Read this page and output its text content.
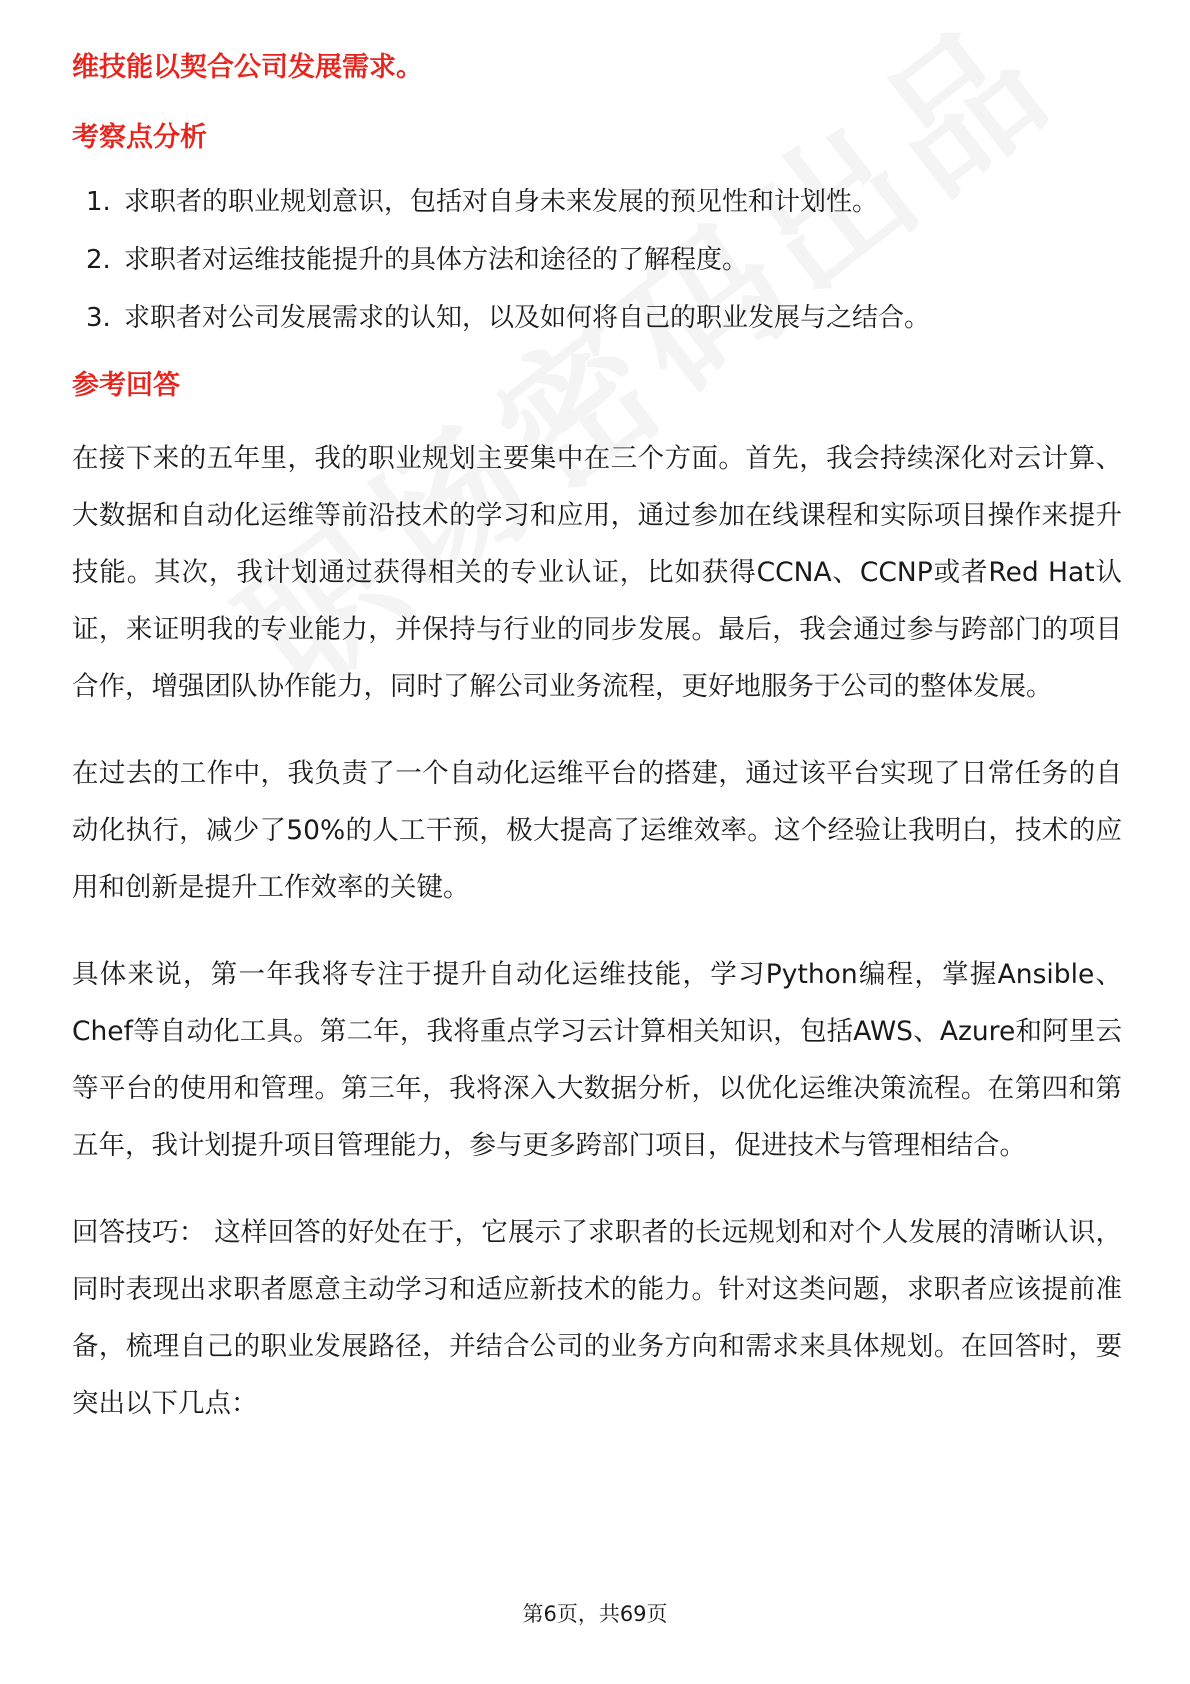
维技能以契合公司发展需求。

考察点分析
1. 求职者的职业规划意识，包括对自身未来发展的预见性和计划性。
2. 求职者对运维技能提升的具体方法和途径的了解程度。
3. 求职者对公司发展需求的认知，以及如何将自己的职业发展与之结合。
参考回答

在接下来的五年里，我的职业规划主要集中在三个方面。首先，我会持续深化对云计算、大数据和自动化运维等前沿技术的学习和应用，通过参加在线课程和实际项目操作来提升技能。其次，我计划通过获得相关的专业认证，比如获得CCNA、CCNP或者Red Hat认证，来证明我的专业能力，并保持与行业的同步发展。最后，我会通过参与跨部门的项目合作，增强团队协作能力，同时了解公司业务流程，更好地服务于公司的整体发展。

在过去的工作中，我负责了一个自动化运维平台的搭建，通过该平台实现了日常任务的自动化执行，减少了50%的人工干预，极大提高了运维效率。这个经验让我明白，技术的应用和创新是提升工作效率的关键。

具体来说，第一年我将专注于提升自动化运维技能，学习Python编程，掌握Ansible、Chef等自动化工具。第二年，我将重点学习云计算相关知识，包括AWS、Azure和阿里云等平台的使用和管理。第三年，我将深入大数据分析，以优化运维决策流程。在第四和第五年，我计划提升项目管理能力，参与更多跨部门项目，促进技术与管理相结合。

回答技巧： 这样回答的好处在于，它展示了求职者的长远规划和对个人发展的清晰认识，同时表现出求职者愿意主动学习和适应新技术的能力。针对这类问题，求职者应该提前准备，梳理自己的职业发展路径，并结合公司的业务方向和需求来具体规划。在回答时，要突出以下几点：

第6页，共69页
